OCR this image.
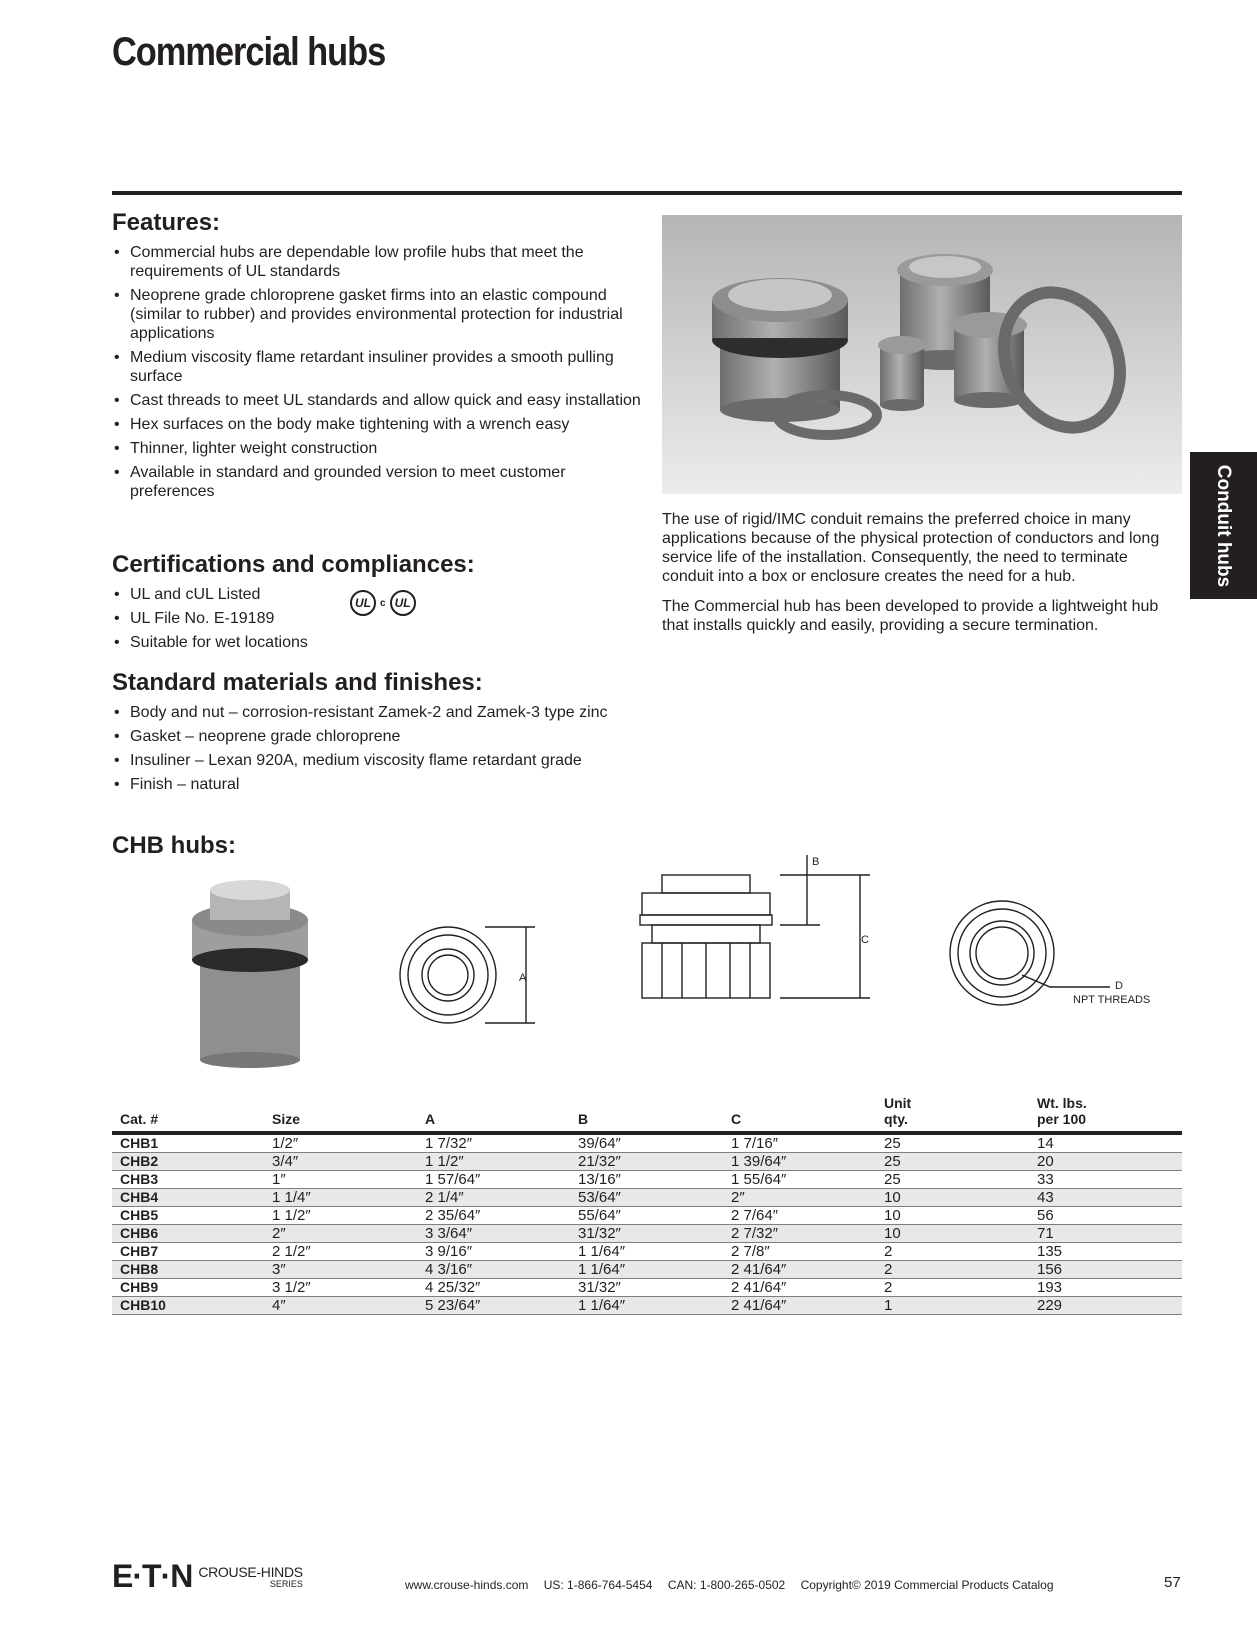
Commercial hubs
Features:
• Commercial hubs are dependable low profile hubs that meet the requirements of UL standards
• Neoprene grade chloroprene gasket firms into an elastic compound (similar to rubber) and provides environmental protection for industrial applications
• Medium viscosity flame retardant insuliner provides a smooth pulling surface
• Cast threads to meet UL standards and allow quick and easy installation
• Hex surfaces on the body make tightening with a wrench easy
• Thinner, lighter weight construction
• Available in standard and grounded version to meet customer preferences
Certifications and compliances:
• UL and cUL Listed
• UL File No. E-19189
• Suitable for wet locations
UL c UL
Standard materials and finishes:
• Body and nut – corrosion-resistant Zamek-2 and Zamek-3 type zinc
• Gasket – neoprene grade chloroprene
• Insuliner – Lexan 920A, medium viscosity flame retardant grade
• Finish – natural

The use of rigid/IMC conduit remains the preferred choice in many applications because of the physical protection of conductors and long service life of the installation. Consequently, the need to terminate conduit into a box or enclosure creates the need for a hub.

The Commercial hub has been developed to provide a lightweight hub that installs quickly and easily, providing a secure termination.

Conduit hubs
CHB hubs:
A
B
C
D
NPT THREADS
Cat. #	Size	A	B	C	Unit
qty.	Wt. lbs.
per 100
CHB1	1/2″	1 7/32″	39/64″	1 7/16″	25	14
CHB2	3/4″	1 1/2″	21/32″	1 39/64″	25	20
CHB3	1″	1 57/64″	13/16″	1 55/64″	25	33
CHB4	1 1/4″	2 1/4″	53/64″	2″	10	43
CHB5	1 1/2″	2 35/64″	55/64″	2 7/64″	10	56
CHB6	2″	3 3/64″	31/32″	2 7/32″	10	71
CHB7	2 1/2″	3 9/16″	1 1/64″	2 7/8″	2	135
CHB8	3″	4 3/16″	1 1/64″	2 41/64″	2	156
CHB9	3 1/2″	4 25/32″	31/32″	2 41/64″	2	193
CHB10	4″	5 23/64″	1 1/64″	2 41/64″	1	229
E·T·N CROUSE-HINDS
SERIES	www.crouse-hinds.com US: 1-866-764-5454 CAN: 1-800-265-0502 Copyright© 2019 Commercial Products Catalog	57
